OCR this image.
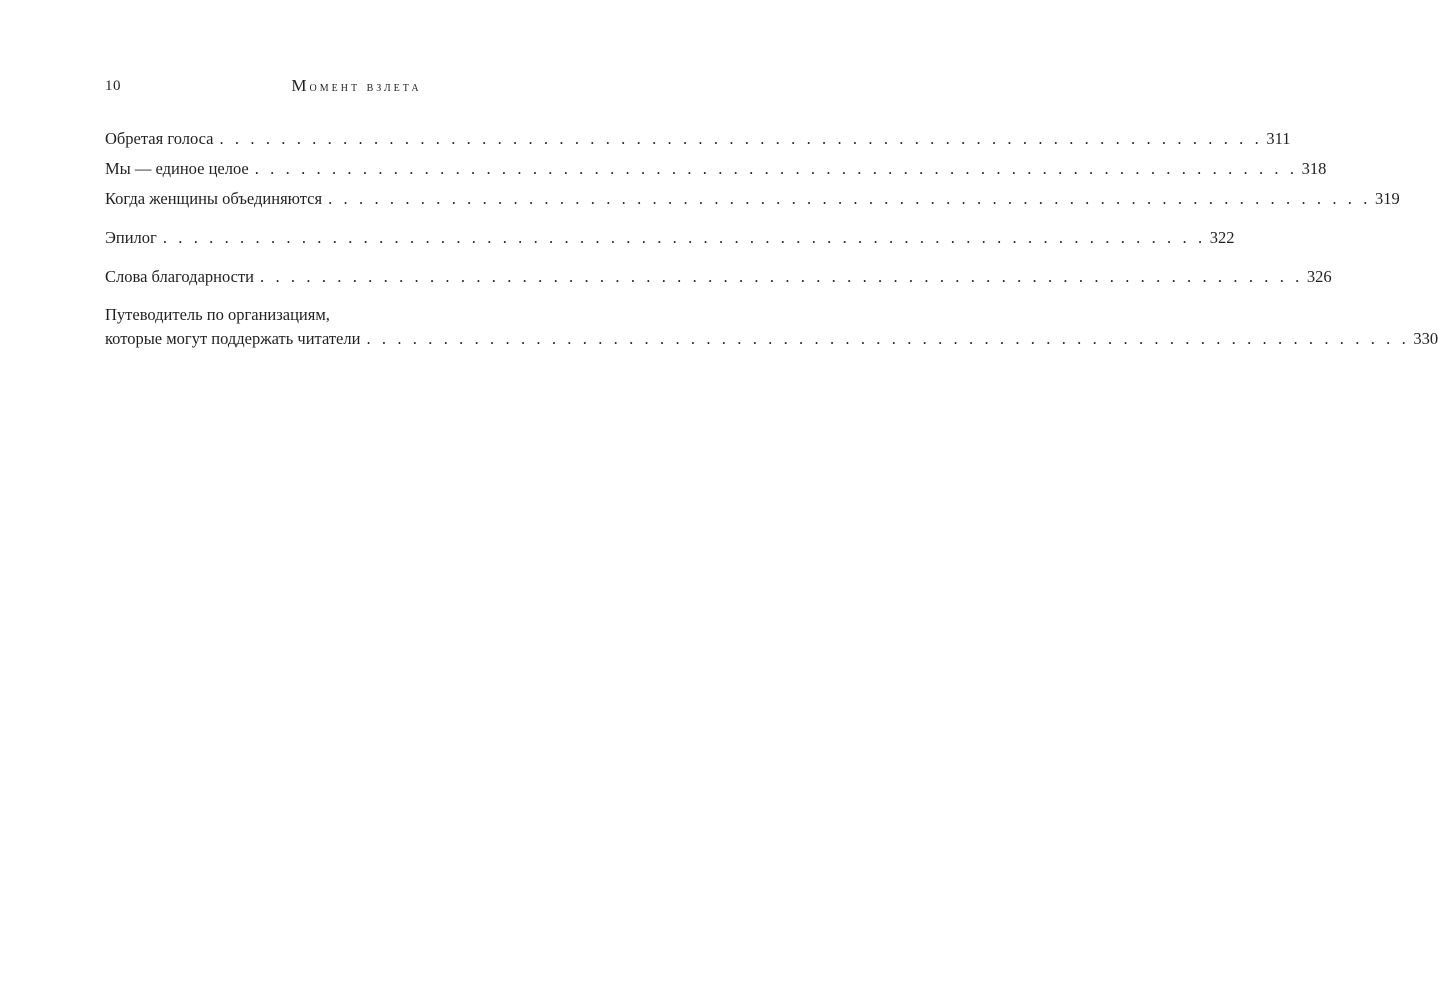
10	момент взлета
Обретая голоса . . . . . . . . . . . . . . . . . . . . . . . . . . . . . . . . . . . . . . . . . . . . . . . . . . . . . . . . . . . . . . . . . . . . 311
Мы — единое целое . . . . . . . . . . . . . . . . . . . . . . . . . . . . . . . . . . . . . . . . . . . . . . . . . . . . . . . . . . . . . . . . . . . . 318
Когда женщины объединяются . . . . . . . . . . . . . . . . . . . . . . . . . . . . . . . . . . . . . . . . . . . . . . . . . . . . . . . . . . . . . . . . . . . . 319
Эпилог . . . . . . . . . . . . . . . . . . . . . . . . . . . . . . . . . . . . . . . . . . . . . . . . . . . . . . . . . . . . . . . . . . . . 322
Слова благодарности . . . . . . . . . . . . . . . . . . . . . . . . . . . . . . . . . . . . . . . . . . . . . . . . . . . . . . . . . . . . . . . . . . . . 326
Путеводитель по организациям,
которые могут поддержать читатели . . . . . . . . . . . . . . . . . . . . . . . . . . . . . . . . . . . . . . . . . . . . . . . . . . . . . . . . . . . . . . . . . . . . 330
